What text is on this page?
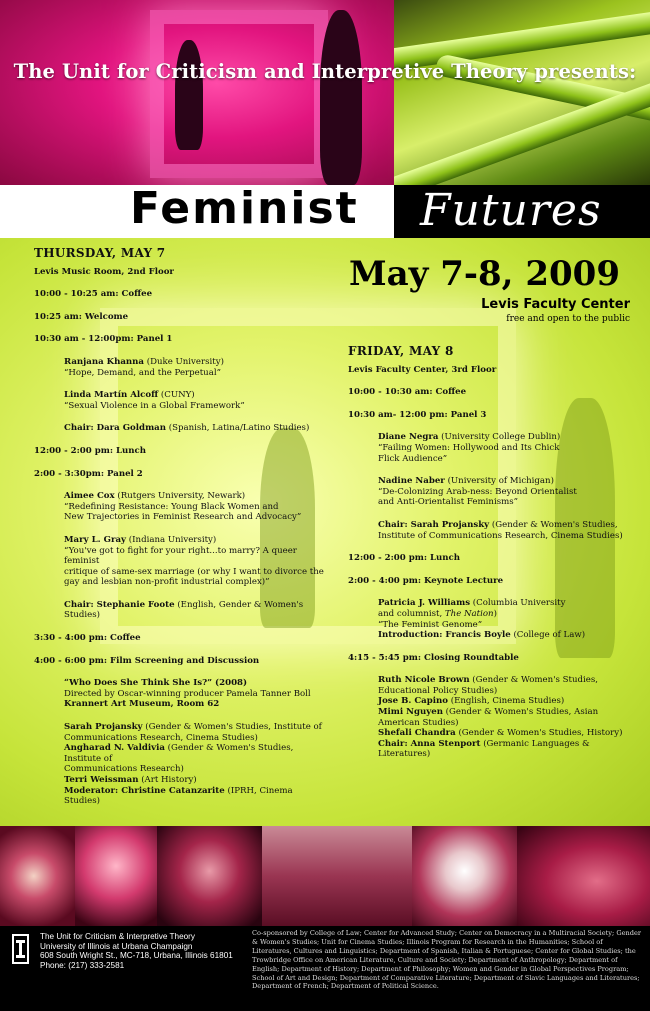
The Unit for Criticism and Interpretive Theory presents:
Feminist Futures
May 7-8, 2009
Levis Faculty Center
free and open to the public
THURSDAY, MAY 7
Levis Music Room, 2nd Floor
10:00 - 10:25 am: Coffee
10:25 am: Welcome
10:30 am - 12:00pm: Panel 1
Ranjana Khanna (Duke University)
“Hope, Demand, and the Perpetual”
Linda Martín Alcoff (CUNY)
“Sexual Violence in a Global Framework”
Chair: Dara Goldman (Spanish, Latina/Latino Studies)
12:00 - 2:00 pm: Lunch
2:00 - 3:30pm: Panel 2
Aimee Cox (Rutgers University, Newark)
“Redefining Resistance: Young Black Women and
New Trajectories in Feminist Research and Advocacy”
Mary L. Gray (Indiana University)
“You've got to fight for your right...to marry? A queer feminist
critique of same-sex marriage (or why I want to divorce the
gay and lesbian non-profit industrial complex)”
Chair: Stephanie Foote (English, Gender & Women's Studies)
3:30 - 4:00 pm: Coffee
4:00 - 6:00 pm: Film Screening and Discussion
“Who Does She Think She Is?” (2008)
Directed by Oscar-winning producer Pamela Tanner Boll
Krannert Art Museum, Room 62
Sarah Projansky (Gender & Women's Studies, Institute of
Communications Research, Cinema Studies)
Angharad N. Valdivia (Gender & Women's Studies, Institute of
Communications Research)
Terri Weissman (Art History)
Moderator: Christine Catanzarite (IPRH, Cinema Studies)
FRIDAY, MAY 8
Levis Faculty Center, 3rd Floor
10:00 - 10:30 am: Coffee
10:30 am- 12:00 pm: Panel 3
Diane Negra (University College Dublin)
“Failing Women: Hollywood and Its Chick
Flick Audience”
Nadine Naber (University of Michigan)
“De-Colonizing Arab-ness: Beyond Orientalist
and Anti-Orientalist Feminisms”
Chair: Sarah Projansky (Gender & Women's Studies,
Institute of Communications Research, Cinema Studies)
12:00 - 2:00 pm: Lunch
2:00 - 4:00 pm: Keynote Lecture
Patricia J. Williams (Columbia University
and columnist, The Nation)
“The Feminist Genome”
Introduction: Francis Boyle (College of Law)
4:15 - 5:45 pm: Closing Roundtable
Ruth Nicole Brown (Gender & Women's Studies,
Educational Policy Studies)
Jose B. Capino (English, Cinema Studies)
Mimi Nguyen (Gender & Women's Studies, Asian
American Studies)
Shefali Chandra (Gender & Women's Studies, History)
Chair: Anna Stenport (Germanic Languages & Literatures)
The Unit for Criticism & Interpretive Theory
University of Illinois at Urbana Champaign
608 South Wright St., MC-718, Urbana, Illinois 61801
Phone: (217) 333-2581
Co-sponsored by College of Law; Center for Advanced Study; Center on Democracy in a Multiracial Society; Gender & Women's Studies; Unit for Cinema Studies; Illinois Program for Research in the Humanities; School of Literatures, Cultures and Linguistics; Department of Spanish, Italian & Portuguese; Center for Global Studies; the Trowbridge Office on American Literature, Culture and Society; Department of Anthropology; Department of English; Department of History; Department of Philosophy; Women and Gender in Global Perspectives Program; School of Art and Design; Department of Comparative Literature; Department of Slavic Languages and Literatures; Department of French; Department of Political Science.
